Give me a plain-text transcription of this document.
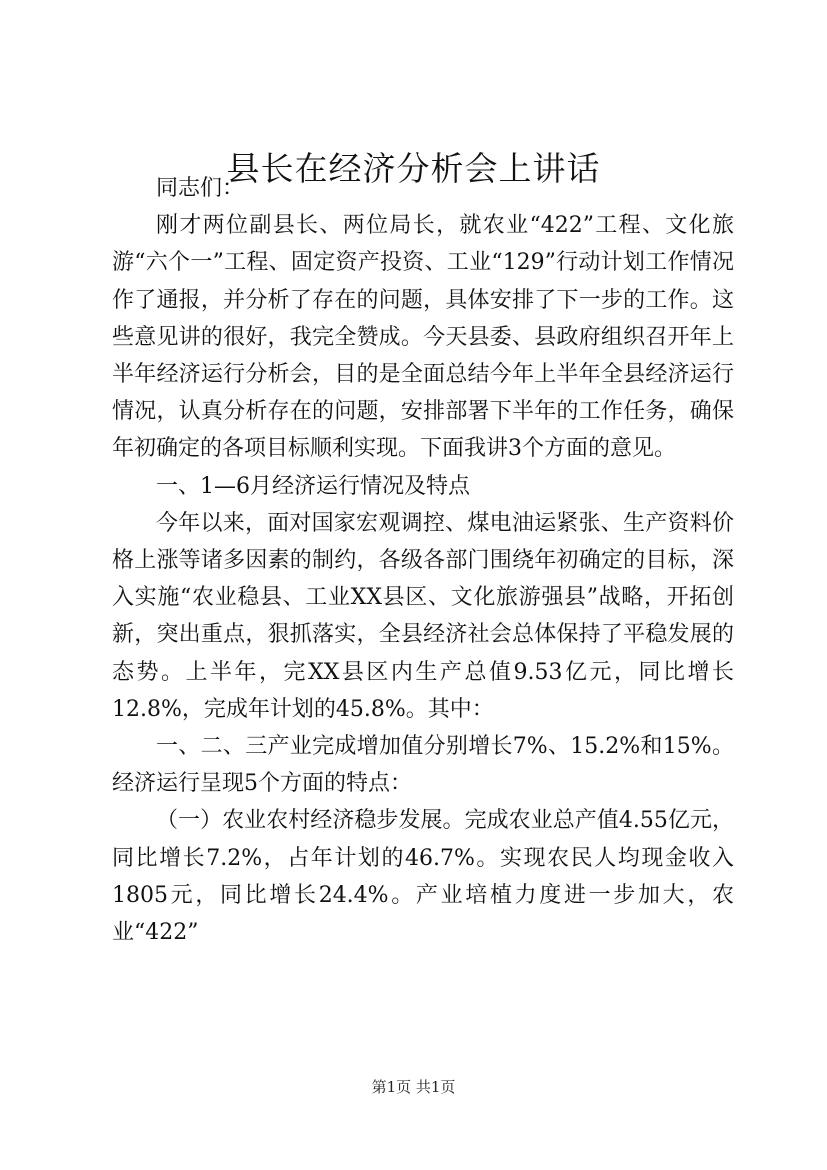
县长在经济分析会上讲话

同志们：

刚才两位副县长、两位局长，就农业“422”工程、文化旅游“六个一”工程、固定资产投资、工业“129”行动计划工作情况作了通报，并分析了存在的问题，具体安排了下一步的工作。这些意见讲的很好，我完全赞成。今天县委、县政府组织召开年上半年经济运行分析会，目的是全面总结今年上半年全县经济运行情况，认真分析存在的问题，安排部署下半年的工作任务，确保年初确定的各项目标顺利实现。下面我讲3个方面的意见。

一、1—6月经济运行情况及特点

今年以来，面对国家宏观调控、煤电油运紧张、生产资料价格上涨等诸多因素的制约，各级各部门围绕年初确定的目标，深入实施“农业稳县、工业XX县区、文化旅游强县”战略，开拓创新，突出重点，狠抓落实，全县经济社会总体保持了平稳发展的态势。上半年，完XX县区内生产总值9.53亿元，同比增长12.8%，完成年计划的45.8%。其中：

一、二、三产业完成增加值分别增长7%、15.2%和15%。经济运行呈现5个方面的特点：

（一）农业农村经济稳步发展。完成农业总产值4.55亿元，同比增长7.2%，占年计划的46.7%。实现农民人均现金收入1805元，同比增长24.4%。产业培植力度进一步加大，农业“422”

第1页 共1页
